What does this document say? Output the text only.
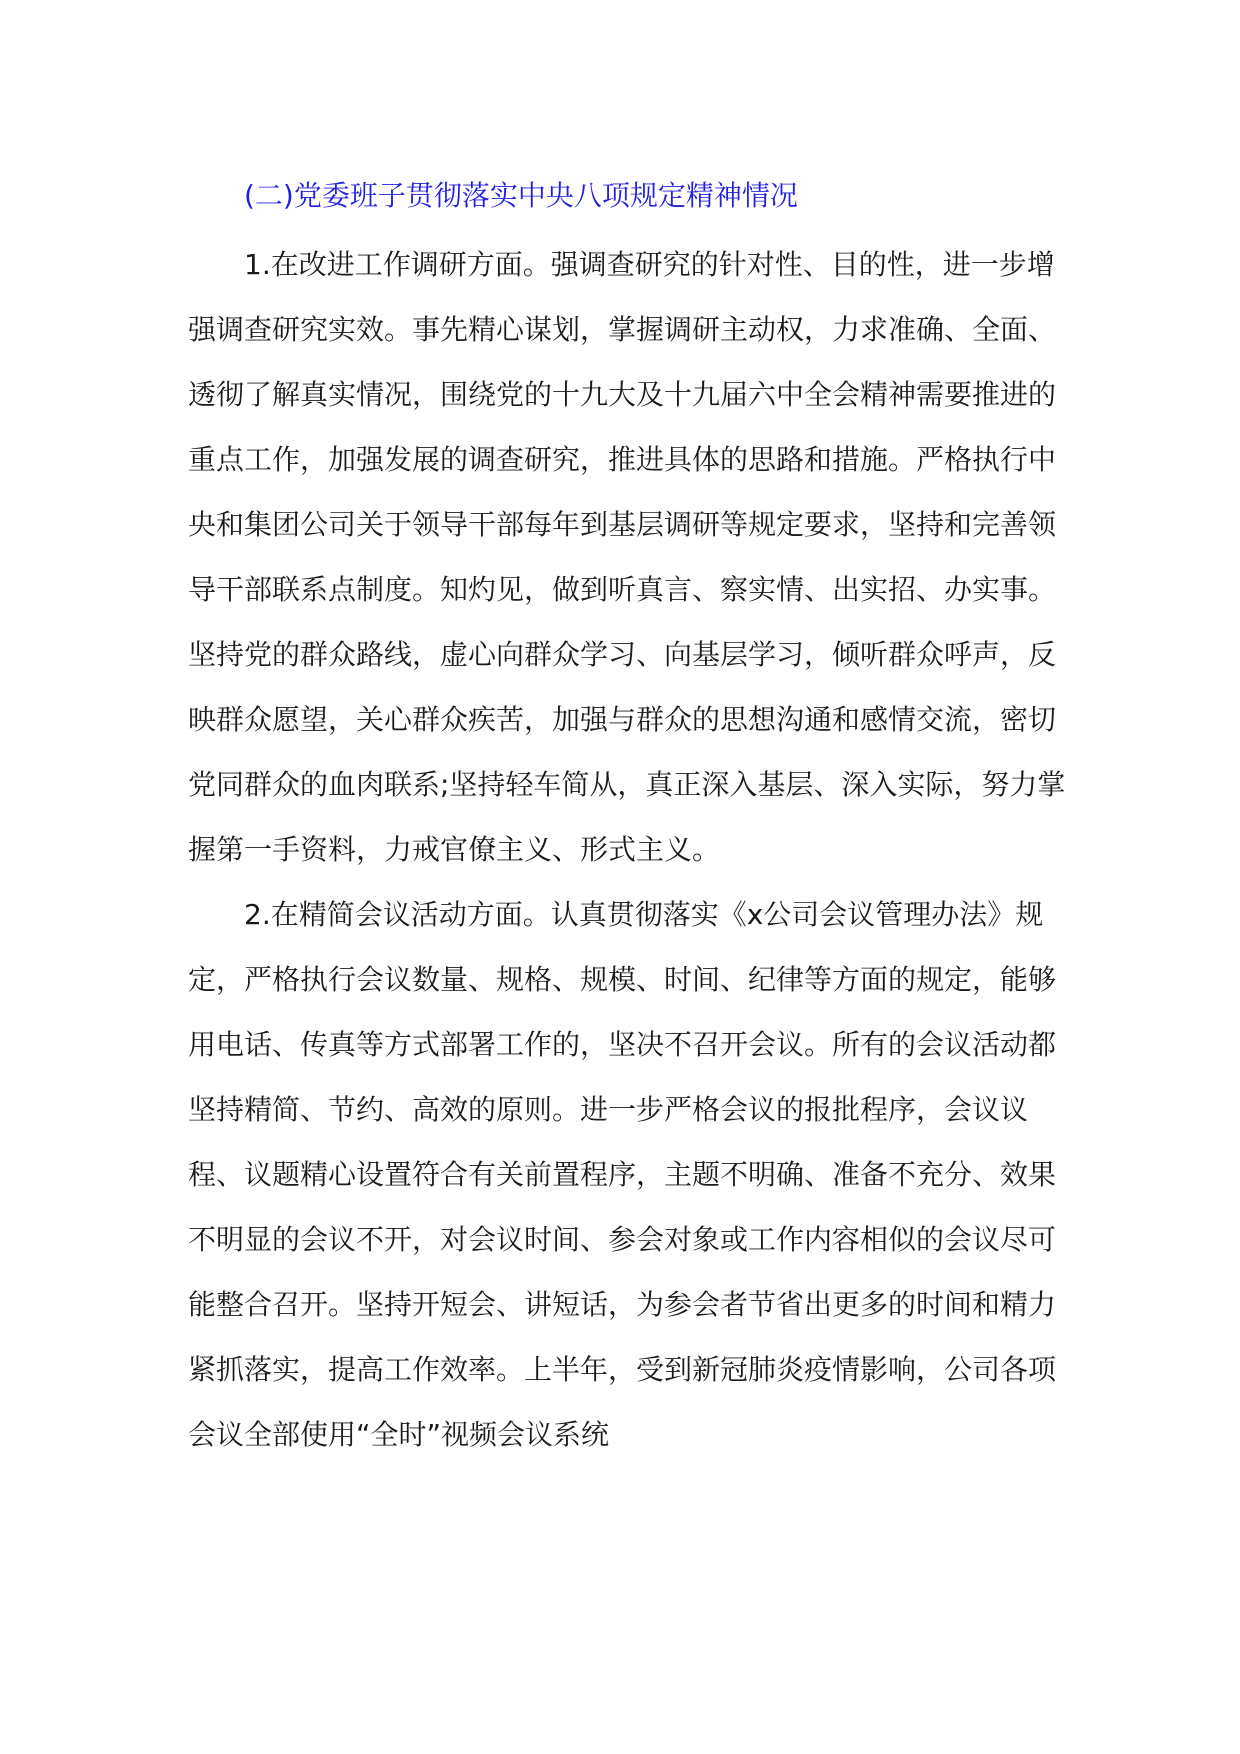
(二)党委班子贯彻落实中央八项规定精神情况

1.在改进工作调研方面。强调查研究的针对性、目的性，进一步增强调查研究实效。事先精心谋划，掌握调研主动权，力求准确、全面、透彻了解真实情况，围绕党的十九大及十九届六中全会精神需要推进的重点工作，加强发展的调查研究，推进具体的思路和措施。严格执行中央和集团公司关于领导干部每年到基层调研等规定要求，坚持和完善领导干部联系点制度。知灼见，做到听真言、察实情、出实招、办实事。坚持党的群众路线，虚心向群众学习、向基层学习，倾听群众呼声，反映群众愿望，关心群众疾苦，加强与群众的思想沟通和感情交流，密切党同群众的血肉联系;坚持轻车简从，真正深入基层、深入实际，努力掌握第一手资料，力戒官僚主义、形式主义。

2.在精简会议活动方面。认真贯彻落实《x公司会议管理办法》规定，严格执行会议数量、规格、规模、时间、纪律等方面的规定，能够用电话、传真等方式部署工作的，坚决不召开会议。所有的会议活动都坚持精简、节约、高效的原则。进一步严格会议的报批程序，会议议程、议题精心设置符合有关前置程序，主题不明确、准备不充分、效果不明显的会议不开，对会议时间、参会对象或工作内容相似的会议尽可能整合召开。坚持开短会、讲短话，为参会者节省出更多的时间和精力紧抓落实，提高工作效率。上半年，受到新冠肺炎疫情影响，公司各项会议全部使用“全时”视频会议系统
